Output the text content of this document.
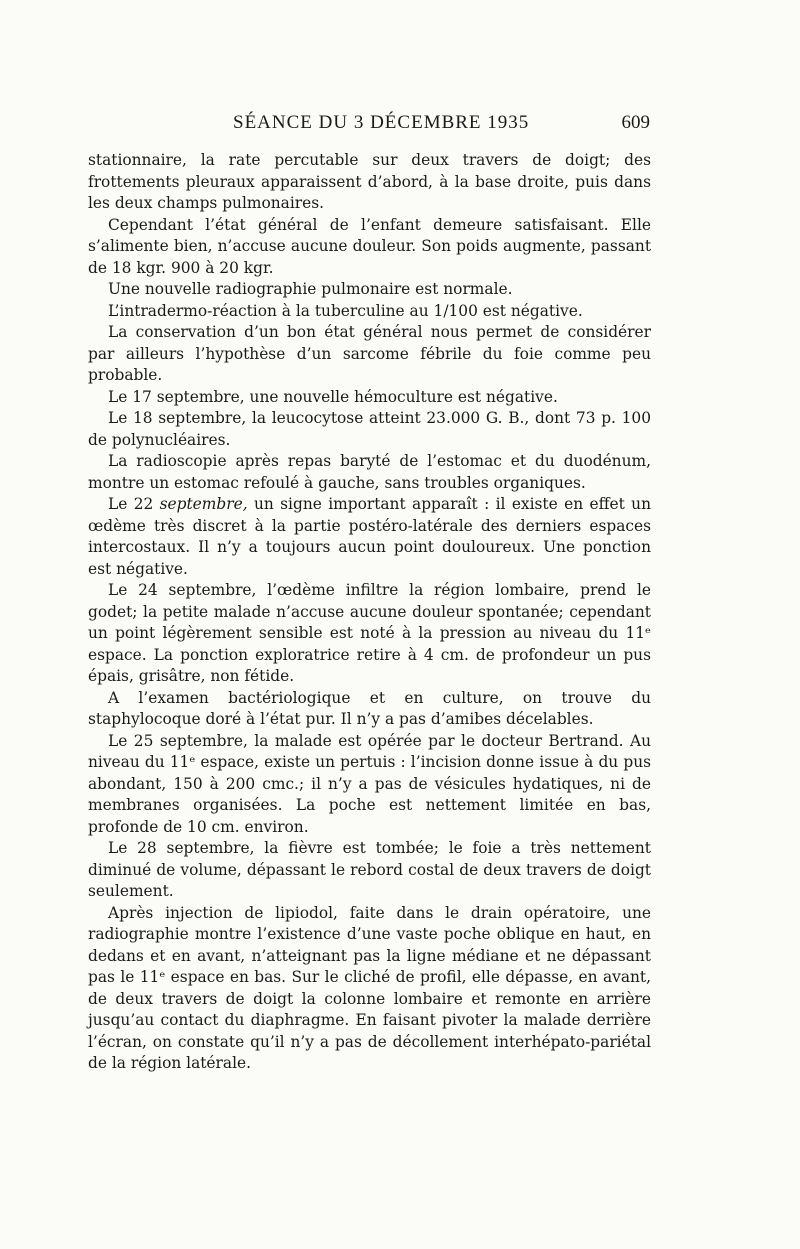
SÉANCE DU 3 DÉCEMBRE 1935	609

stationnaire, la rate percutable sur deux travers de doigt; des frottements pleuraux apparaissent d’abord, à la base droite, puis dans les deux champs pulmonaires.

Cependant l’état général de l’enfant demeure satisfaisant. Elle s’alimente bien, n’accuse aucune douleur. Son poids augmente, passant de 18 kgr. 900 à 20 kgr.

Une nouvelle radiographie pulmonaire est normale.

L’intradermo-réaction à la tuberculine au 1/100 est négative.

La conservation d’un bon état général nous permet de considérer par ailleurs l’hypothèse d’un sarcome fébrile du foie comme peu probable.

Le 17 septembre, une nouvelle hémoculture est négative.

Le 18 septembre, la leucocytose atteint 23.000 G. B., dont 73 p. 100 de polynucléaires.

La radioscopie après repas baryté de l’estomac et du duodénum, montre un estomac refoulé à gauche, sans troubles organiques.

Le 22 septembre, un signe important apparaît : il existe en effet un œdème très discret à la partie postéro-latérale des derniers espaces intercostaux. Il n’y a toujours aucun point douloureux. Une ponction est négative.

Le 24 septembre, l’œdème infiltre la région lombaire, prend le godet; la petite malade n’accuse aucune douleur spontanée; cependant un point légèrement sensible est noté à la pression au niveau du 11ᵉ espace. La ponction exploratrice retire à 4 cm. de profondeur un pus épais, grisâtre, non fétide.

A l’examen bactériologique et en culture, on trouve du staphylocoque doré à l’état pur. Il n’y a pas d’amibes décelables.

Le 25 septembre, la malade est opérée par le docteur Bertrand. Au niveau du 11ᵉ espace, existe un pertuis : l’incision donne issue à du pus abondant, 150 à 200 cmc.; il n’y a pas de vésicules hydatiques, ni de membranes organisées. La poche est nettement limitée en bas, profonde de 10 cm. environ.

Le 28 septembre, la fièvre est tombée; le foie a très nettement diminué de volume, dépassant le rebord costal de deux travers de doigt seulement.

Après injection de lipiodol, faite dans le drain opératoire, une radiographie montre l’existence d’une vaste poche oblique en haut, en dedans et en avant, n’atteignant pas la ligne médiane et ne dépassant pas le 11ᵉ espace en bas. Sur le cliché de profil, elle dépasse, en avant, de deux travers de doigt la colonne lombaire et remonte en arrière jusqu’au contact du diaphragme. En faisant pivoter la malade derrière l’écran, on constate qu’il n’y a pas de décollement interhépato-pariétal de la région latérale.
